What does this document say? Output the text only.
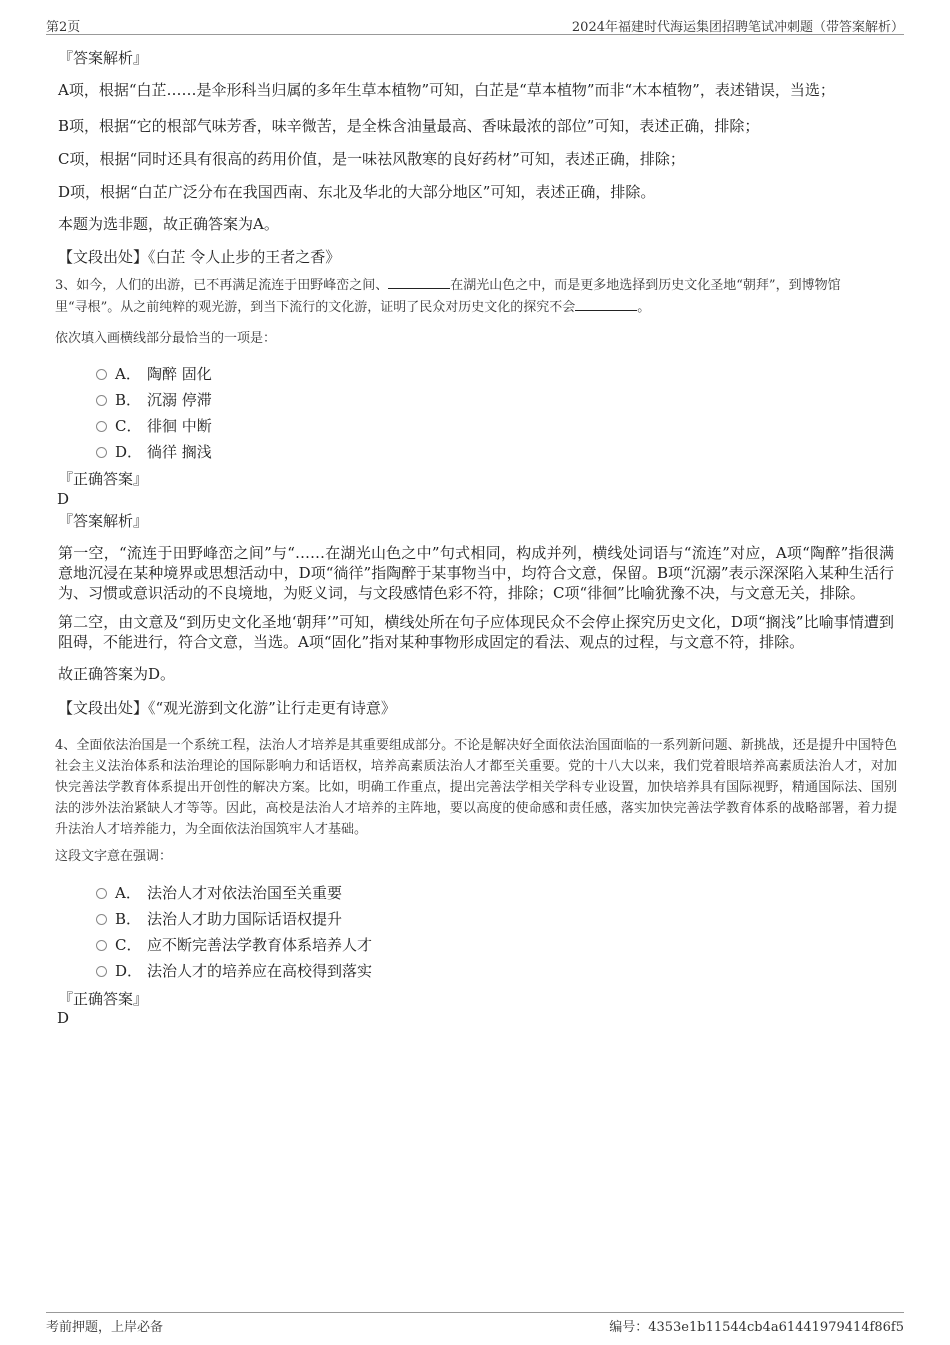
第2页	2024年福建时代海运集团招聘笔试冲刺题（带答案解析）
『答案解析』
A项，根据“白芷……是伞形科当归属的多年生草本植物”可知，白芷是“草本植物”而非“木本植物”，表述错误，当选；
B项，根据“它的根部气味芳香，味辛微苦，是全株含油量最高、香味最浓的部位”可知，表述正确，排除；
C项，根据“同时还具有很高的药用价值，是一味祛风散寒的良好药材”可知，表述正确，排除；
D项，根据“白芷广泛分布在我国西南、东北及华北的大部分地区”可知，表述正确，排除。
本题为选非题，故正确答案为A。
【文段出处】《白芷 令人止步的王者之香》
3、如今，人们的出游，已不再满足流连于田野峰峦之间、	在湖光山色之中，而是更多地选择到历史文化圣地“朝拜”，到博物馆
里“寻根”。从之前纯粹的观光游，到当下流行的文化游，证明了民众对历史文化的探究不会	。
依次填入画横线部分最恰当的一项是：
A． 陶醉 固化
B． 沉溺 停滞
C． 徘徊 中断
D． 徜徉 搁浅
『正确答案』
D
『答案解析』
第一空，“流连于田野峰峦之间”与“……在湖光山色之中”句式相同，构成并列，横线处词语与“流连”对应，A项“陶醉”指很满意地沉浸在某种境界或思想活动中，D项“徜徉”指陶醉于某事物当中，均符合文意，保留。B项“沉溺”表示深深陷入某种生活行为、习惯或意识活动的不良境地，为贬义词，与文段感情色彩不符，排除；C项“徘徊”比喻犹豫不决，与文意无关，排除。
第二空，由文意及“到历史文化圣地‘朝拜’”可知，横线处所在句子应体现民众不会停止探究历史文化，D项“搁浅”比喻事情遭到阻碍，不能进行，符合文意，当选。A项“固化”指对某种事物形成固定的看法、观点的过程，与文意不符，排除。
故正确答案为D。
【文段出处】《“观光游到文化游”让行走更有诗意》
4、全面依法治国是一个系统工程，法治人才培养是其重要组成部分。不论是解决好全面依法治国面临的一系列新问题、新挑战，还是提升中国特色社会主义法治体系和法治理论的国际影响力和话语权，培养高素质法治人才都至关重要。党的十八大以来，我们党着眼培养高素质法治人才，对加快完善法学教育体系提出开创性的解决方案。比如，明确工作重点，提出完善法学相关学科专业设置，加快培养具有国际视野，精通国际法、国别法的涉外法治紧缺人才等等。因此，高校是法治人才培养的主阵地，要以高度的使命感和责任感，落实加快完善法学教育体系的战略部署，着力提升法治人才培养能力，为全面依法治国筑牢人才基础。
这段文字意在强调：
A． 法治人才对依法治国至关重要
B． 法治人才助力国际话语权提升
C． 应不断完善法学教育体系培养人才
D． 法治人才的培养应在高校得到落实
『正确答案』
D
考前押题，上岸必备	编号：4353e1b11544cb4a61441979414f86f5
